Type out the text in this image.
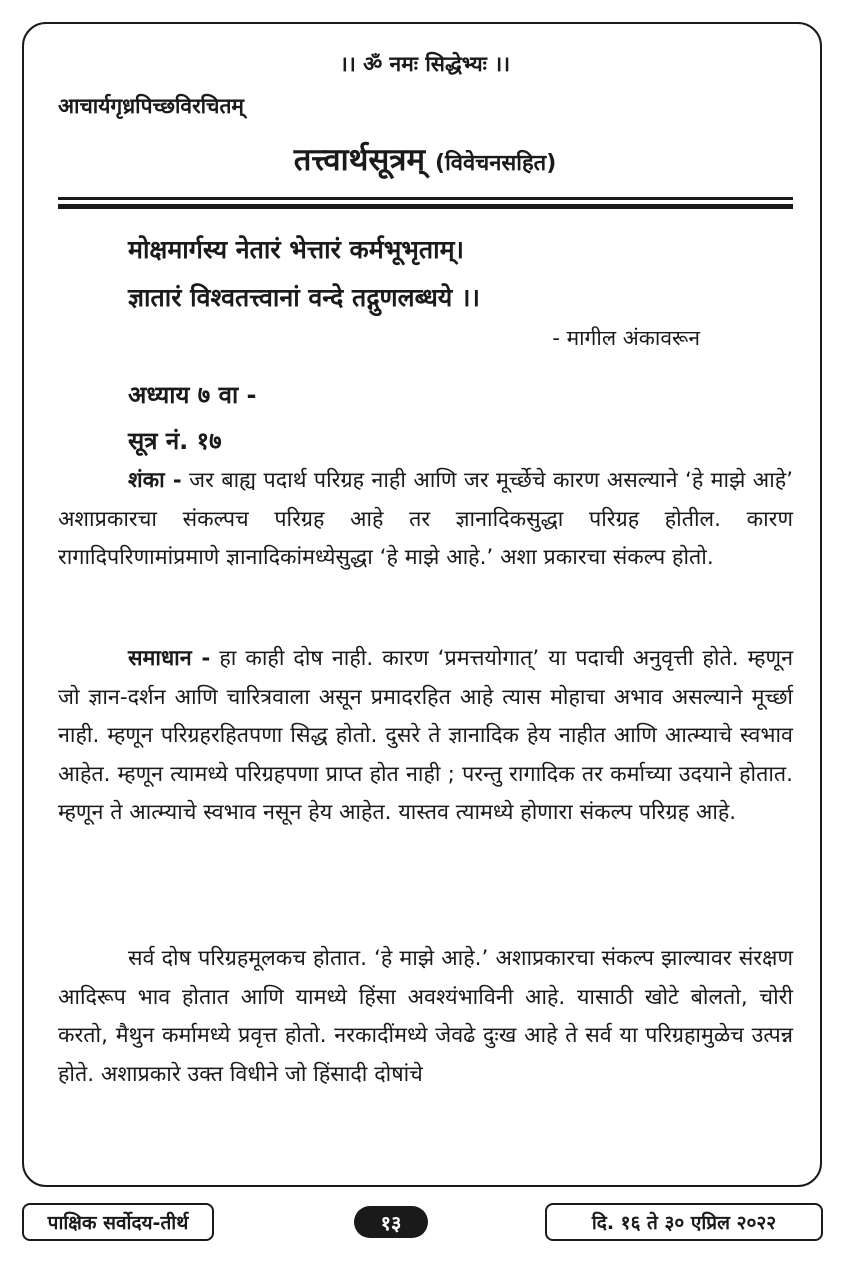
।। ॐ नमः सिद्धेभ्यः ।।
आचार्यगृध्रपिच्छविरचितम्
तत्त्वार्थसूत्रम् (विवेचनसहित)
मोक्षमार्गस्य नेतारं भेत्तारं कर्मभूभृताम्।
ज्ञातारं विश्वतत्त्वानां वन्दे तद्गुणलब्धये ।।
- मागील अंकावरून
अध्याय ७ वा -
सूत्र नं. १७

शंका - जर बाह्य पदार्थ परिग्रह नाही आणि जर मूर्च्छेचे कारण असल्याने ‘हे माझे आहे’ अशाप्रकारचा संकल्पच परिग्रह आहे तर ज्ञानादिकसुद्धा परिग्रह होतील. कारण रागादिपरिणामांप्रमाणे ज्ञानादिकांमध्येसुद्धा ‘हे माझे आहे.’ अशा प्रकारचा संकल्प होतो.

समाधान - हा काही दोष नाही. कारण ‘प्रमत्तयोगात्’ या पदाची अनुवृत्ती होते. म्हणून जो ज्ञान-दर्शन आणि चारित्रवाला असून प्रमादरहित आहे त्यास मोहाचा अभाव असल्याने मूर्च्छा नाही. म्हणून परिग्रहरहितपणा सिद्ध होतो. दुसरे ते ज्ञानादिक हेय नाहीत आणि आत्म्याचे स्वभाव आहेत. म्हणून त्यामध्ये परिग्रहपणा प्राप्त होत नाही ; परन्तु रागादिक तर कर्माच्या उदयाने होतात. म्हणून ते आत्म्याचे स्वभाव नसून हेय आहेत. यास्तव त्यामध्ये होणारा संकल्प परिग्रह आहे.

सर्व दोष परिग्रहमूलकच होतात. ‘हे माझे आहे.’ अशाप्रकारचा संकल्प झाल्यावर संरक्षण आदिरूप भाव होतात आणि यामध्ये हिंसा अवश्यंभाविनी आहे. यासाठी खोटे बोलतो, चोरी करतो, मैथुन कर्मामध्ये प्रवृत्त होतो. नरकादींमध्ये जेवढे दुःख आहे ते सर्व या परिग्रहामुळेच उत्पन्न होते. अशाप्रकारे उक्त विधीने जो हिंसादी दोषांचे

पाक्षिक सर्वोदय-तीर्थ	१३	दि. १६ ते ३० एप्रिल २०२२
